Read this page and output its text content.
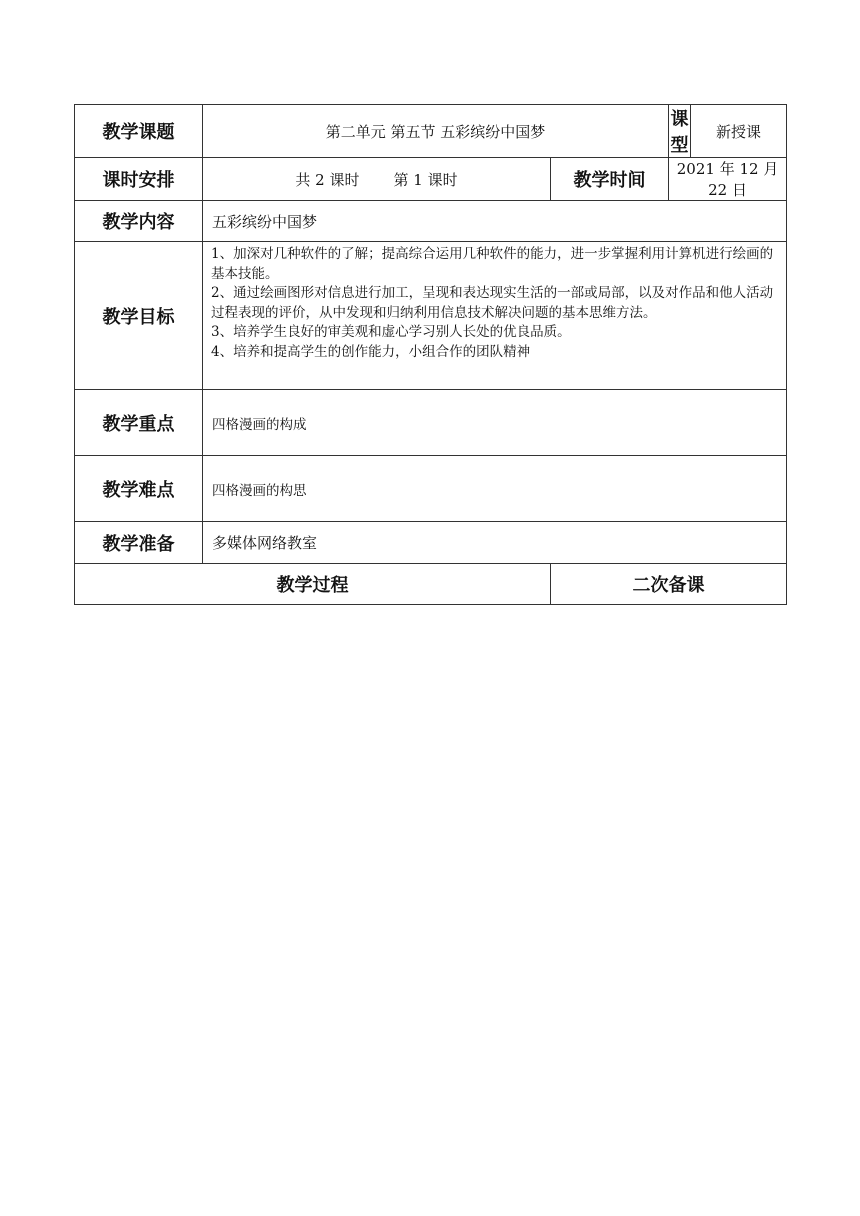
教学课题	第二单元 第五节 五彩缤纷中国梦		课型	新授课
课时安排	共 2 课时 第 1 课时	教学时间	2021 年 12 月 22 日	
教学内容	五彩缤纷中国梦			
教学目标	1、加深对几种软件的了解；提高综合运用几种软件的能力，进一步掌握利用计算机进行绘画的基本技能。
2、通过绘画图形对信息进行加工，呈现和表达现实生活的一部或局部，以及对作品和他人活动过程表现的评价，从中发现和归纳利用信息技术解决问题的基本思维方法。
3、培养学生良好的审美观和虚心学习别人长处的优良品质。
4、培养和提高学生的创作能力，小组合作的团队精神			

教学重点	四格漫画的构成			
教学难点	四格漫画的构思			
教学准备	多媒体网络教室			
教学过程		二次备课		
